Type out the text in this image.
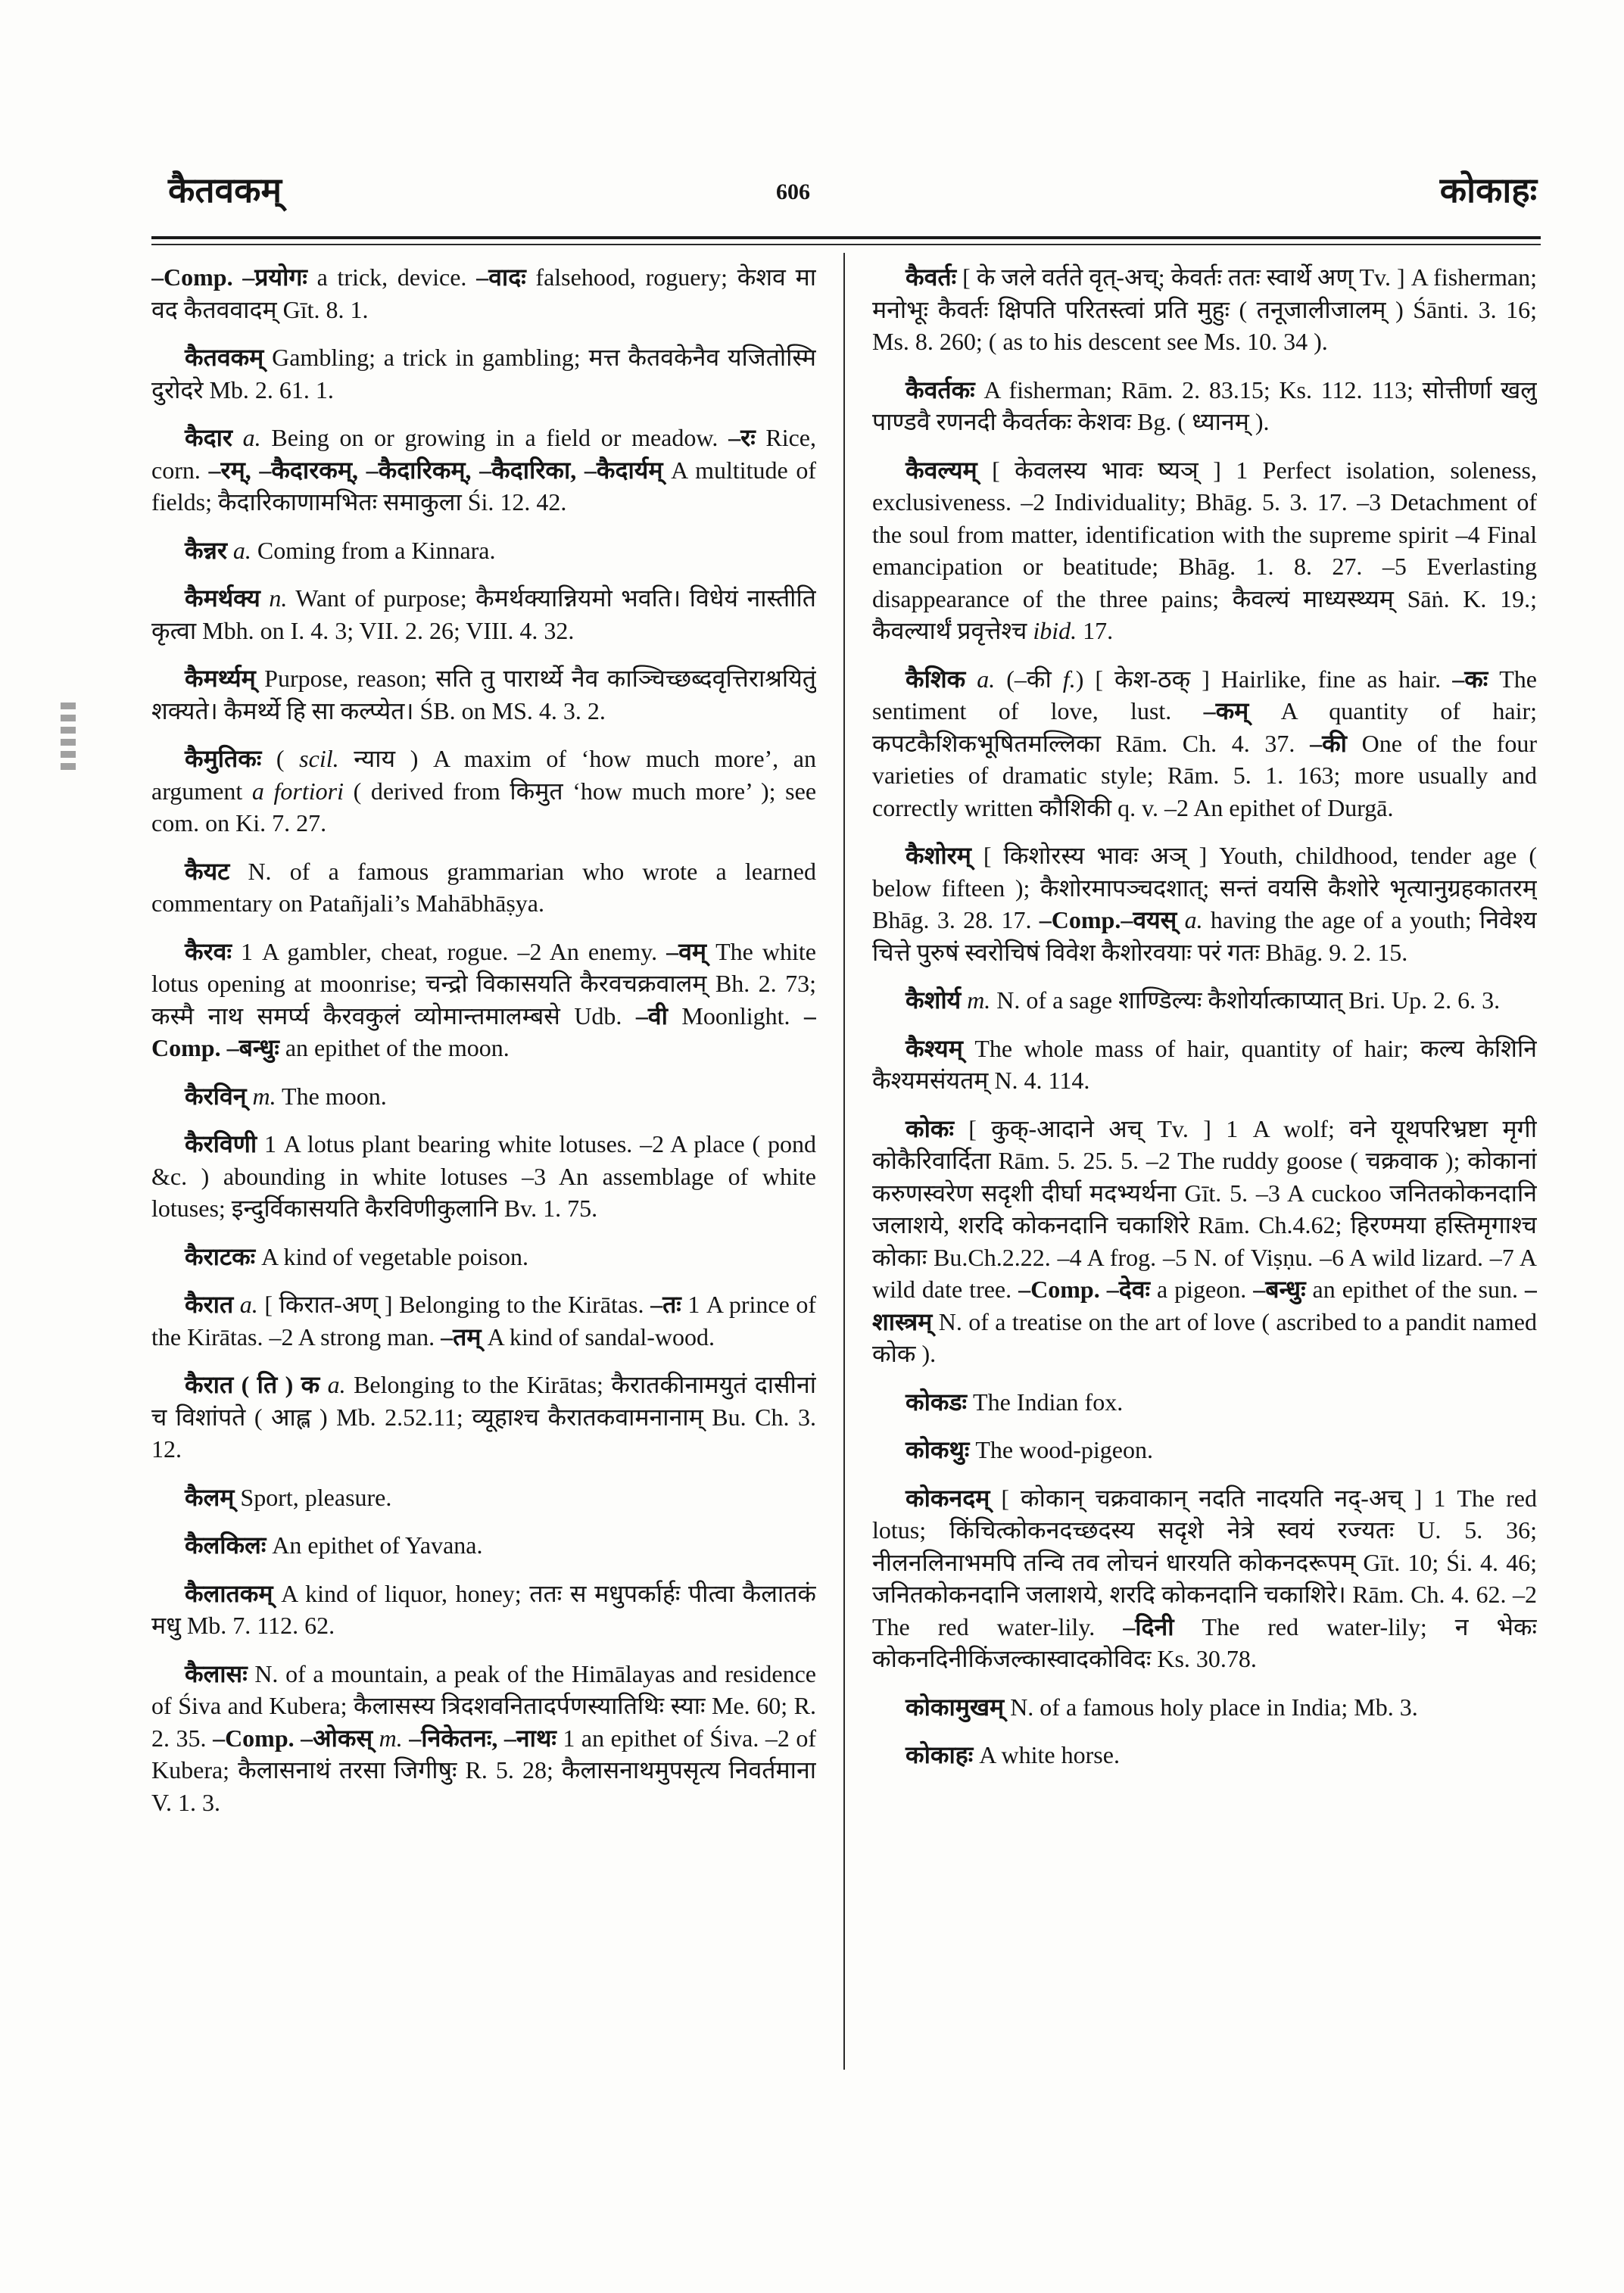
कैतवकम्	606	कोकाहः

–Comp. –प्रयोगः a trick, device. –वादः falsehood, roguery; केशव मा वद कैतववादम् Gīt. 8. 1.

कैतवकम् Gambling; a trick in gambling; मत्त कैतवकेनैव यजितोस्मि दुरोदरे Mb. 2. 61. 1.

कैदार a. Being on or growing in a field or meadow. –रः Rice, corn. –रम्, –कैदारकम्, –कैदारिकम्, –कैदारिका, –कैदार्यम् A multitude of fields; कैदारिकाणामभितः समाकुला Śi. 12. 42.

कैन्नर a. Coming from a Kinnara.

कैमर्थक्य n. Want of purpose; कैमर्थक्यान्नियमो भवति। विधेयं नास्तीति कृत्वा Mbh. on I. 4. 3; VII. 2. 26; VIII. 4. 32.

कैमर्थ्यम् Purpose, reason; सति तु पारार्थ्ये नैव काञ्चिच्छब्दवृत्तिराश्रयितुं शक्यते। कैमर्थ्ये हि सा कल्प्येत। ŚB. on MS. 4. 3. 2.

कैमुतिकः ( scil. न्याय ) A maxim of ‘how much more’, an argument a fortiori ( derived from किमुत ‘how much more’ ); see com. on Ki. 7. 27.

कैयट N. of a famous grammarian who wrote a learned commentary on Patañjali’s Mahābhāṣya.

कैरवः 1 A gambler, cheat, rogue. –2 An enemy. –वम् The white lotus opening at moonrise; चन्द्रो विकासयति कैरवचक्रवालम् Bh. 2. 73; कस्मै नाथ समर्प्य कैरवकुलं व्योमान्तमालम्बसे Udb. –वी Moonlight. –Comp. –बन्धुः an epithet of the moon.

कैरविन् m. The moon.

कैरविणी 1 A lotus plant bearing white lotuses. –2 A place ( pond &c. ) abounding in white lotuses –3 An assemblage of white lotuses; इन्दुर्विकासयति कैरविणीकुलानि Bv. 1. 75.

कैराटकः A kind of vegetable poison.

कैरात a. [ किरात-अण् ] Belonging to the Kirātas. –तः 1 A prince of the Kirātas. –2 A strong man. –तम् A kind of sandal-wood.

कैरात ( ति ) क a. Belonging to the Kirātas; कैरातकीनामयुतं दासीनां च विशांपते ( आह्ल ) Mb. 2.52.11; व्यूहाश्च कैरातकवामनानाम् Bu. Ch. 3. 12.

कैलम् Sport, pleasure.

कैलकिलः An epithet of Yavana.

कैलातकम् A kind of liquor, honey; ततः स मधुपर्कार्हः पीत्वा कैलातकं मधु Mb. 7. 112. 62.

कैलासः N. of a mountain, a peak of the Himālayas and residence of Śiva and Kubera; कैलासस्य त्रिदशवनितादर्पणस्यातिथिः स्याः Me. 60; R. 2. 35. –Comp. –ओकस् m. –निकेतनः, –नाथः 1 an epithet of Śiva. –2 of Kubera; कैलासनाथं तरसा जिगीषुः R. 5. 28; कैलासनाथमुपसृत्य निवर्तमाना V. 1. 3.

कैवर्तः [ के जले वर्तते वृत्-अच्; केवर्तः ततः स्वार्थे अण् Tv. ] A fisherman; मनोभूः कैवर्तः क्षिपति परितस्त्वां प्रति मुहुः ( तनूजालीजालम् ) Śānti. 3. 16; Ms. 8. 260; ( as to his descent see Ms. 10. 34 ).

कैवर्तकः A fisherman; Rām. 2. 83.15; Ks. 112. 113; सोत्तीर्णा खलु पाण्डवै रणनदी कैवर्तकः केशवः Bg. ( ध्यानम् ).

कैवल्यम् [ केवलस्य भावः ष्यञ् ] 1 Perfect isolation, soleness, exclusiveness. –2 Individuality; Bhāg. 5. 3. 17. –3 Detachment of the soul from matter, identification with the supreme spirit –4 Final emancipation or beatitude; Bhāg. 1. 8. 27. –5 Everlasting disappearance of the three pains; कैवल्यं माध्यस्थ्यम् Sāṅ. K. 19.; कैवल्यार्थं प्रवृत्तेश्च ibid. 17.

कैशिक a. (–की f.) [ केश-ठक् ] Hairlike, fine as hair. –कः The sentiment of love, lust. –कम् A quantity of hair; कपटकैशिकभूषितमल्लिका Rām. Ch. 4. 37. –की One of the four varieties of dramatic style; Rām. 5. 1. 163; more usually and correctly written कौशिकी q. v. –2 An epithet of Durgā.

कैशोरम् [ किशोरस्य भावः अञ् ] Youth, childhood, tender age ( below fifteen ); कैशोरमापञ्चदशात्; सन्तं वयसि कैशोरे भृत्यानुग्रहकातरम् Bhāg. 3. 28. 17. –Comp.–वयस् a. having the age of a youth; निवेश्य चित्ते पुरुषं स्वरोचिषं विवेश कैशोरवयाः परं गतः Bhāg. 9. 2. 15.

कैशोर्य m. N. of a sage शाण्डिल्यः कैशोर्यात्काप्यात् Bri. Up. 2. 6. 3.

कैश्यम् The whole mass of hair, quantity of hair; कल्य केशिनि कैश्यमसंयतम् N. 4. 114.

कोकः [ कुक्-आदाने अच् Tv. ] 1 A wolf; वने यूथपरिभ्रष्टा मृगी कोकैरिवार्दिता Rām. 5. 25. 5. –2 The ruddy goose ( चक्रवाक ); कोकानां करुणस्वरेण सदृशी दीर्घा मदभ्यर्थना Gīt. 5. –3 A cuckoo जनितकोकनदानि जलाशये, शरदि कोकनदानि चकाशिरे Rām. Ch.4.62; हिरण्मया हस्तिमृगाश्च कोकाः Bu.Ch.2.22. –4 A frog. –5 N. of Viṣṇu. –6 A wild lizard. –7 A wild date tree. –Comp. –देवः a pigeon. –बन्धुः an epithet of the sun. –शास्त्रम् N. of a treatise on the art of love ( ascribed to a pandit named कोक ).

कोकडः The Indian fox.

कोकथुः The wood-pigeon.

कोकनदम् [ कोकान् चक्रवाकान् नदति नादयति नद्-अच् ] 1 The red lotus; किंचित्कोकनदच्छदस्य सदृशे नेत्रे स्वयं रज्यतः U. 5. 36; नीलनलिनाभमपि तन्वि तव लोचनं धारयति कोकनदरूपम् Gīt. 10; Śi. 4. 46; जनितकोकनदानि जलाशये, शरदि कोकनदानि चकाशिरे। Rām. Ch. 4. 62. –2 The red water-lily. –दिनी The red water-lily; न भेकः कोकनदिनीकिंजल्कास्वादकोविदः Ks. 30.78.

कोकामुखम् N. of a famous holy place in India; Mb. 3.

कोकाहः A white horse.
